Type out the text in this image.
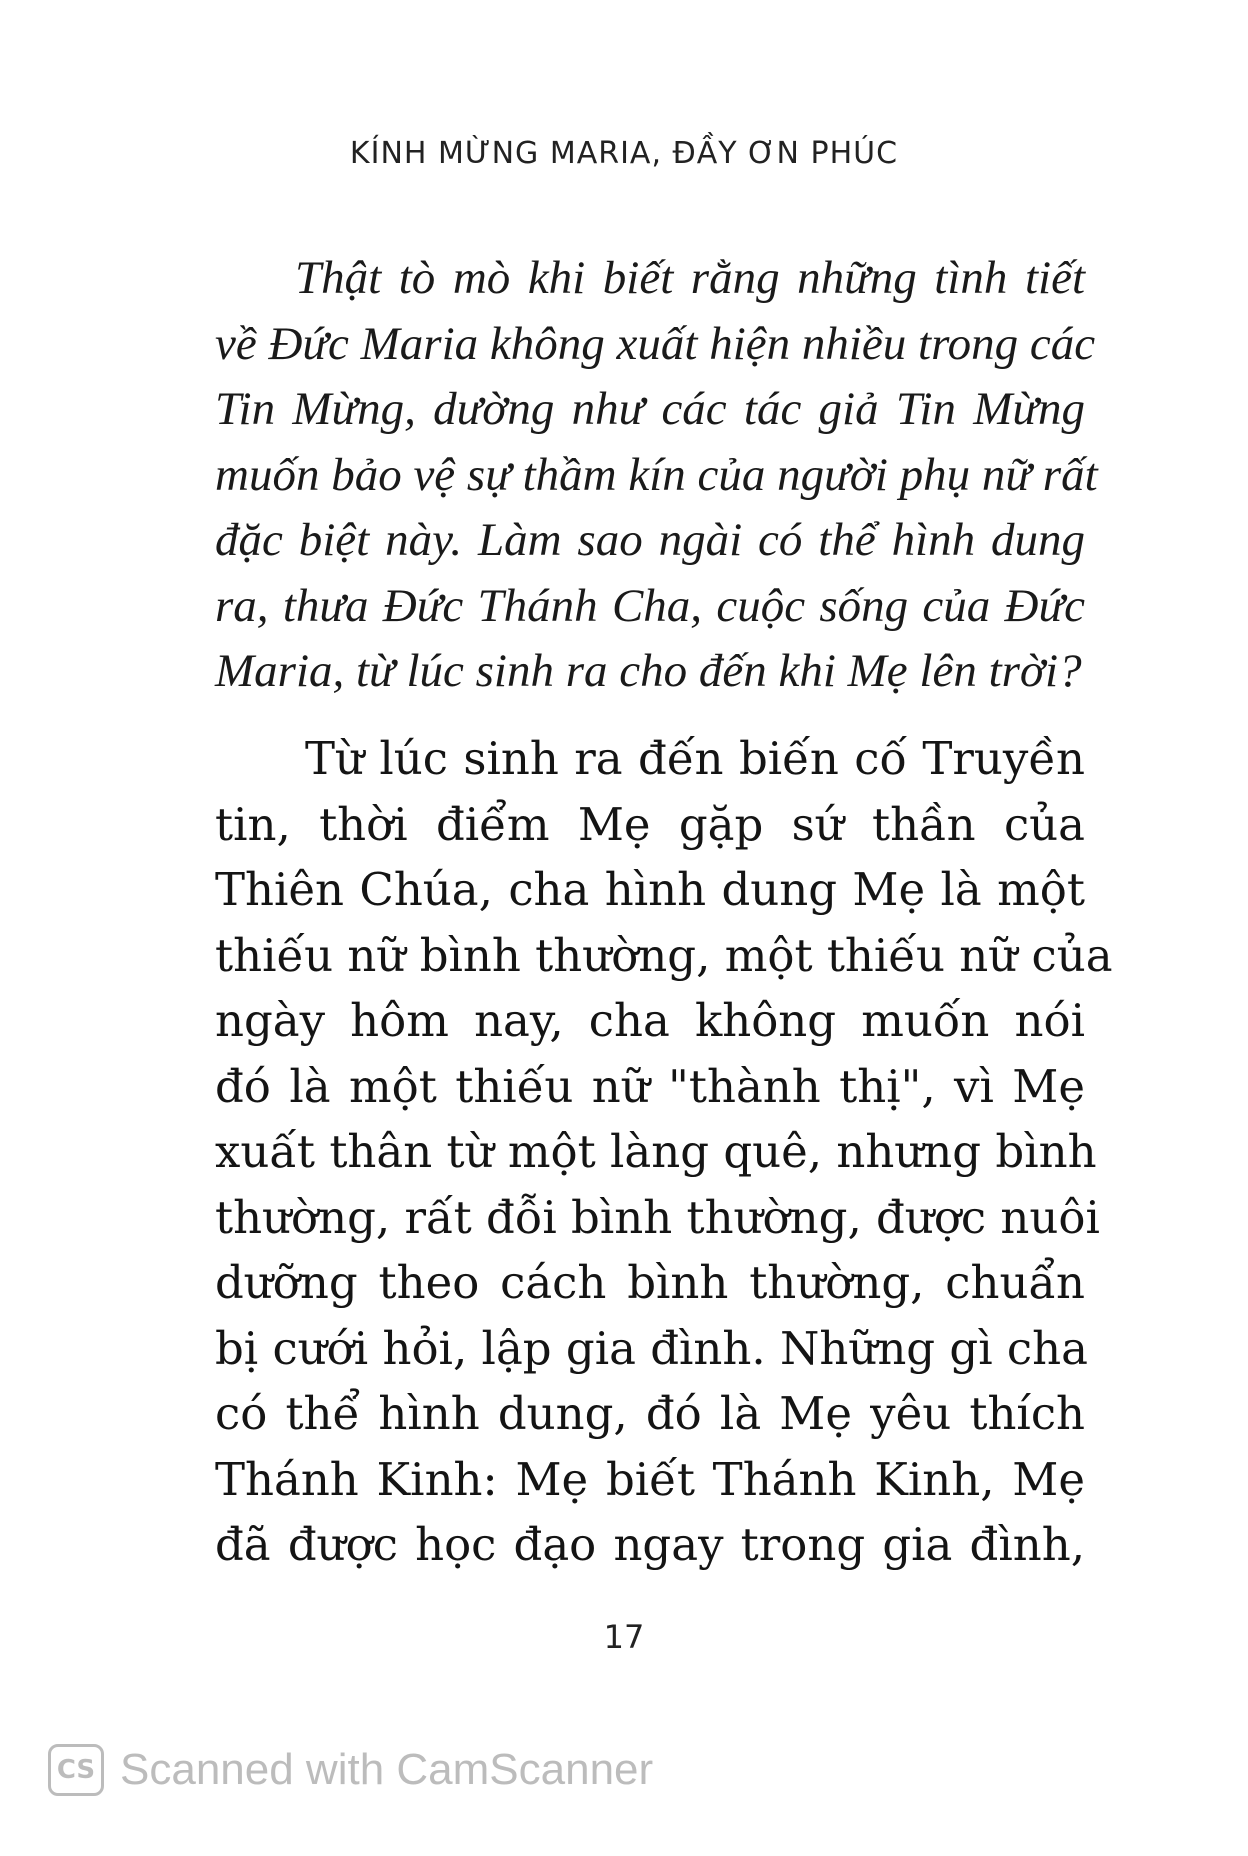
KÍNH MỪNG MARIA, ĐẦY ƠN PHÚC
Thật tò mò khi biết rằng những tình tiết
về Đức Maria không xuất hiện nhiều trong các
Tin Mừng, dường như các tác giả Tin Mừng
muốn bảo vệ sự thầm kín của người phụ nữ rất
đặc biệt này. Làm sao ngài có thể hình dung
ra, thưa Đức Thánh Cha, cuộc sống của Đức
Maria, từ lúc sinh ra cho đến khi Mẹ lên trời?
Từ lúc sinh ra đến biến cố Truyền
tin, thời điểm Mẹ gặp sứ thần của
Thiên Chúa, cha hình dung Mẹ là một
thiếu nữ bình thường, một thiếu nữ của
ngày hôm nay, cha không muốn nói
đó là một thiếu nữ "thành thị", vì Mẹ
xuất thân từ một làng quê, nhưng bình
thường, rất đỗi bình thường, được nuôi
dưỡng theo cách bình thường, chuẩn
bị cưới hỏi, lập gia đình. Những gì cha
có thể hình dung, đó là Mẹ yêu thích
Thánh Kinh: Mẹ biết Thánh Kinh, Mẹ
đã được học đạo ngay trong gia đình,
17
CS Scanned with CamScanner
